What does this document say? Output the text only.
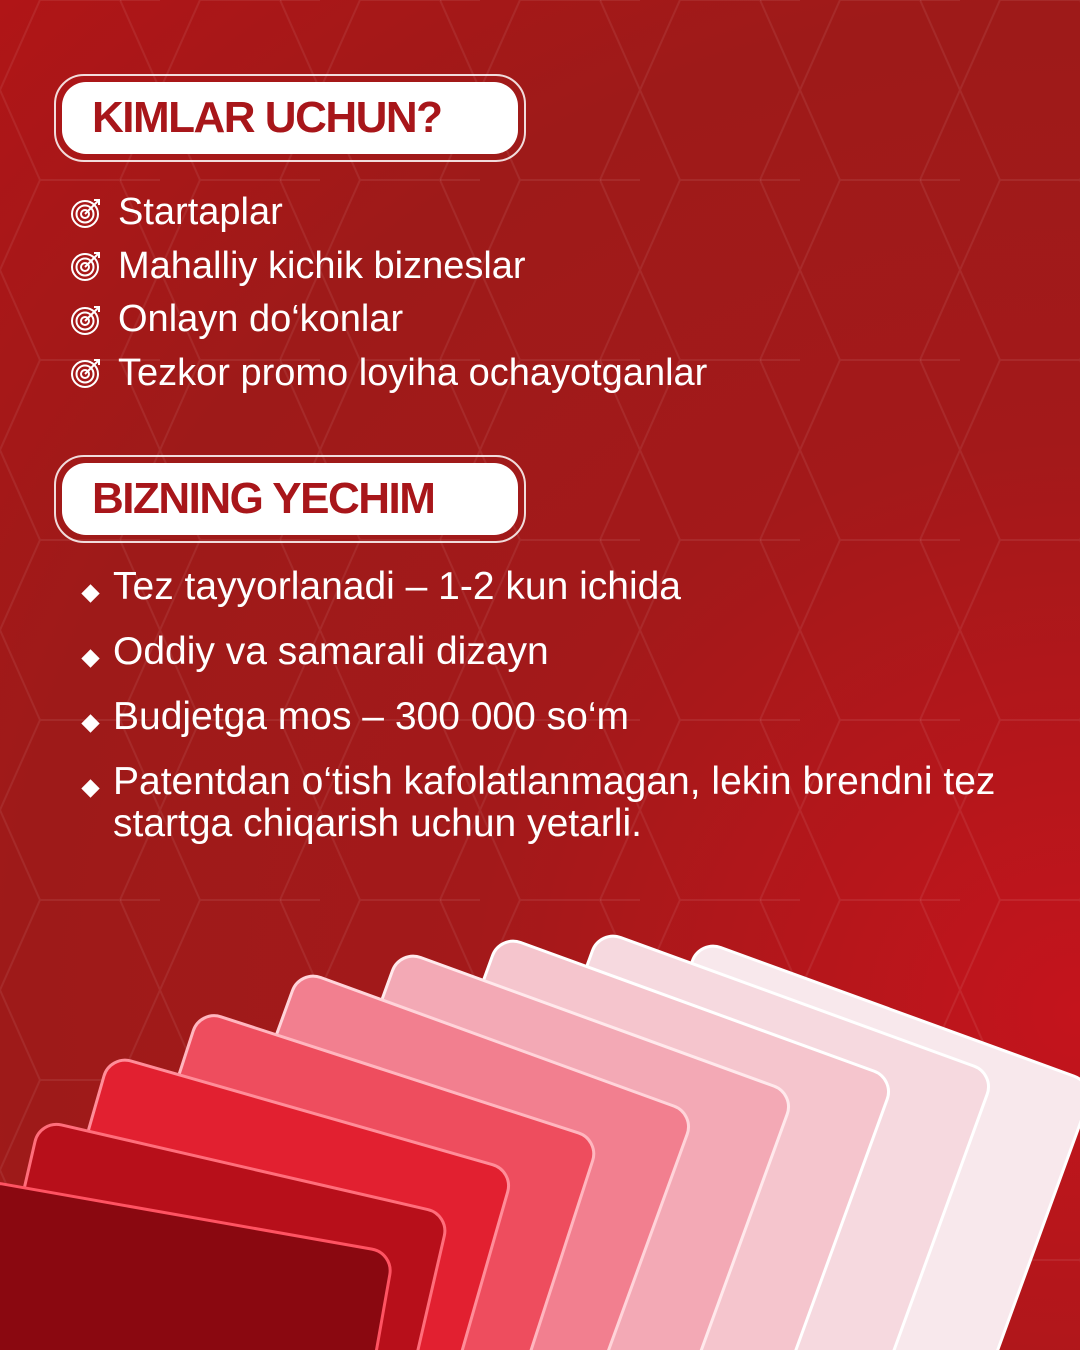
KIMLAR UCHUN?
Startaplar
Mahalliy kichik bizneslar
Onlayn do‘konlar
Tezkor promo loyiha ochayotganlar
BIZNING YECHIM
Tez tayyorlanadi – 1-2 kun ichida
Oddiy va samarali dizayn
Budjetga mos – 300 000 so‘m
Patentdan o‘tish kafolatlanmagan, lekin brendni tez startga chiqarish uchun yetarli.
